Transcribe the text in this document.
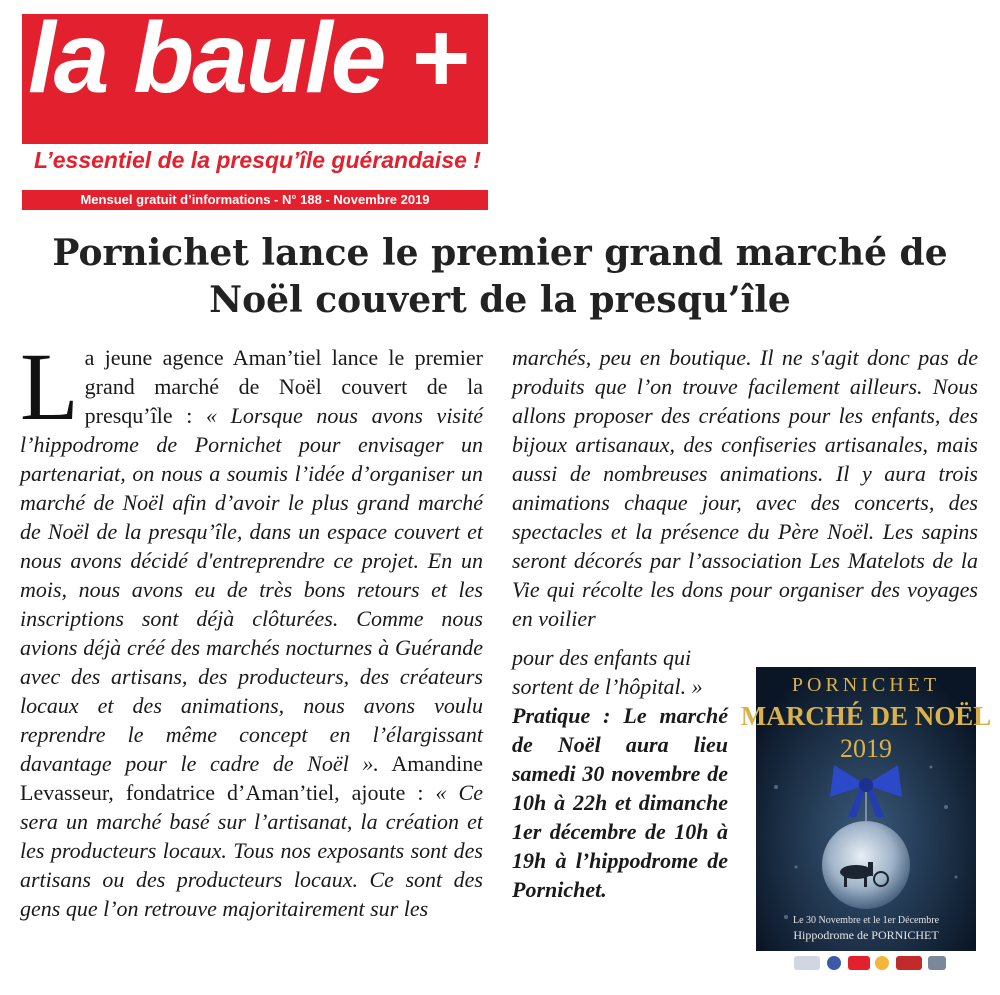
la baule +
L’essentiel de la presqu’île guérandaise !
Mensuel gratuit d’informations - N° 188 - Novembre 2019
Pornichet lance le premier grand marché de Noël couvert de la presqu’île
L a jeune agence Aman’tiel lance le premier grand marché de Noël couvert de la presqu’île : « Lorsque nous avons visité l’hippodrome de Pornichet pour envisager un partenariat, on nous a soumis l’idée d’organiser un marché de Noël afin d’avoir le plus grand marché de Noël de la presqu’île, dans un espace couvert et nous avons décidé d'entreprendre ce projet. En un mois, nous avons eu de très bons retours et les inscriptions sont déjà clôturées. Comme nous avions déjà créé des marchés nocturnes à Guérande avec des artisans, des producteurs, des créateurs locaux et des animations, nous avons voulu reprendre le même concept en l’élargissant davantage pour le cadre de Noël ». Amandine Levasseur, fondatrice d’Aman’tiel, ajoute : « Ce sera un marché basé sur l’artisanat, la création et les producteurs locaux. Tous nos exposants sont des artisans ou des producteurs locaux. Ce sont des gens que l’on retrouve majoritairement sur les
marchés, peu en boutique. Il ne s'agit donc pas de produits que l’on trouve facilement ailleurs. Nous allons proposer des créations pour les enfants, des bijoux artisanaux, des confiseries artisanales, mais aussi de nombreuses animations. Il y aura trois animations chaque jour, avec des concerts, des spectacles et la présence du Père Noël. Les sapins seront décorés par l’association Les Matelots de la Vie qui récolte les dons pour organiser des voyages en voilier

pour des enfants qui sortent de l’hôpital. »

Pratique : Le marché de Noël aura lieu samedi 30 novembre de 10h à 22h et dimanche 1er décembre de 10h à 19h à l’hippodrome de Pornichet.

PORNICHET
MARCHÉ DE NOËL
2019
Le 30 Novembre et le 1er Décembre
Hippodrome de PORNICHET
